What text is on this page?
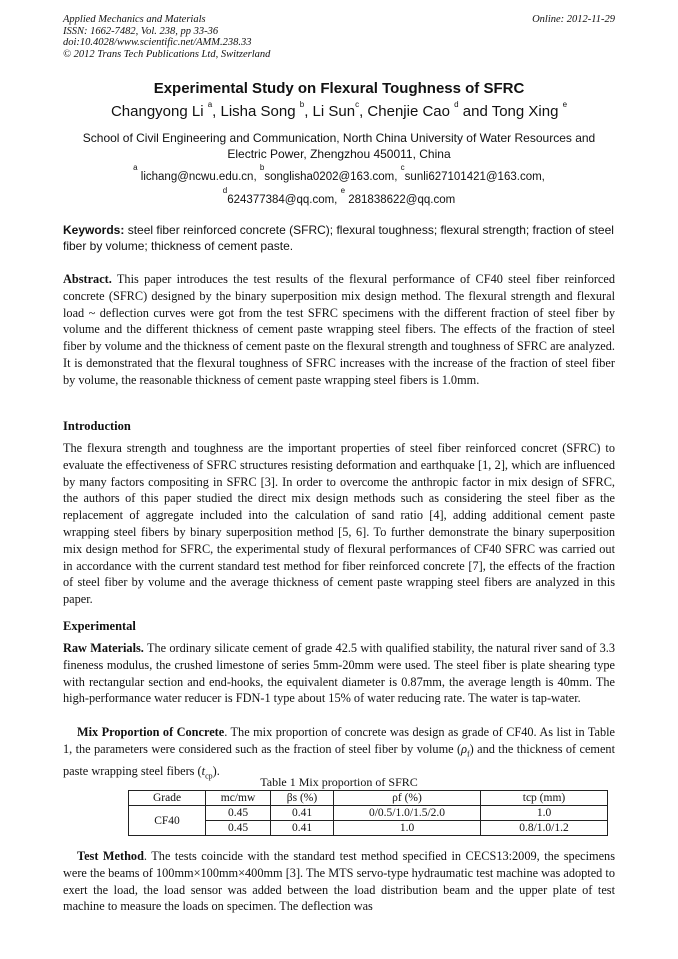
Applied Mechanics and Materials
ISSN: 1662-7482, Vol. 238, pp 33-36
doi:10.4028/www.scientific.net/AMM.238.33
© 2012 Trans Tech Publications Ltd, Switzerland
Online: 2012-11-29
Experimental Study on Flexural Toughness of SFRC
Changyong Li $^a$, Lisha Song $^b$, Li Sun$^c$, Chenjie Cao $^d$ and Tong Xing $^e$
School of Civil Engineering and Communication, North China University of Water Resources and Electric Power, Zhengzhou 450011, China
$^a$ lichang@ncwu.edu.cn, $^b$songlisha0202@163.com, $^c$sunli627101421@163.com,
$^d$624377384@qq.com, $^e$ 281838622@qq.com
Keywords: steel fiber reinforced concrete (SFRC); flexural toughness; flexural strength; fraction of steel fiber by volume; thickness of cement paste.
Abstract. This paper introduces the test results of the flexural performance of CF40 steel fiber reinforced concrete (SFRC) designed by the binary superposition mix design method. The flexural strength and flexural load ~ deflection curves were got from the test SFRC specimens with the different fraction of steel fiber by volume and the different thickness of cement paste wrapping steel fibers. The effects of the fraction of steel fiber by volume and the thickness of cement paste on the flexural strength and toughness of SFRC are analyzed. It is demonstrated that the flexural toughness of SFRC increases with the increase of the fraction of steel fiber by volume, the reasonable thickness of cement paste wrapping steel fibers is 1.0mm.
Introduction
The flexura strength and toughness are the important properties of steel fiber reinforced concret (SFRC) to evaluate the effectiveness of SFRC structures resisting deformation and earthquake [1, 2], which are influenced by many factors compositing in SFRC [3]. In order to overcome the anthropic factor in mix design of SFRC, the authors of this paper studied the direct mix design methods such as considering the steel fiber as the replacement of aggregate included into the calculation of sand ratio [4], adding additional cement paste wrapping steel fibers by binary superposition method [5, 6]. To further demonstrate the binary superposition mix design method for SFRC, the experimental study of flexural performances of CF40 SFRC was carried out in accordance with the current standard test method for fiber reinforced concrete [7], the effects of the fraction of steel fiber by volume and the average thickness of cement paste wrapping steel fibers are analyzed in this paper.
Experimental
Raw Materials. The ordinary silicate cement of grade 42.5 with qualified stability, the natural river sand of 3.3 fineness modulus, the crushed limestone of series 5mm-20mm were used. The steel fiber is plate shearing type with rectangular section and end-hooks, the equivalent diameter is 0.87mm, the average length is 40mm. The high-performance water reducer is FDN-1 type about 15% of water reducing rate. The water is tap-water.
Mix Proportion of Concrete. The mix proportion of concrete was design as grade of CF40. As list in Table 1, the parameters were considered such as the fraction of steel fiber by volume $(\rho_f)$ and the thickness of cement paste wrapping steel fibers $(t_{cp})$.
Table 1 Mix proportion of SFRC
Grade	mc/mw	βs (%)	ρf (%)	tcp (mm)
CF40	0.45	0.41	0/0.5/1.0/1.5/2.0	1.0
	0.45	0.41	1.0	0.8/1.0/1.2
Test Method. The tests coincide with the standard test method specified in CECS13:2009, the specimens were the beams of 100mm×100mm×400mm [3]. The MTS servo-type hydraumatic test machine was adopted to exert the load, the load sensor was added between the load distribution beam and the upper plate of test machine to measure the loads on specimen. The deflection was
